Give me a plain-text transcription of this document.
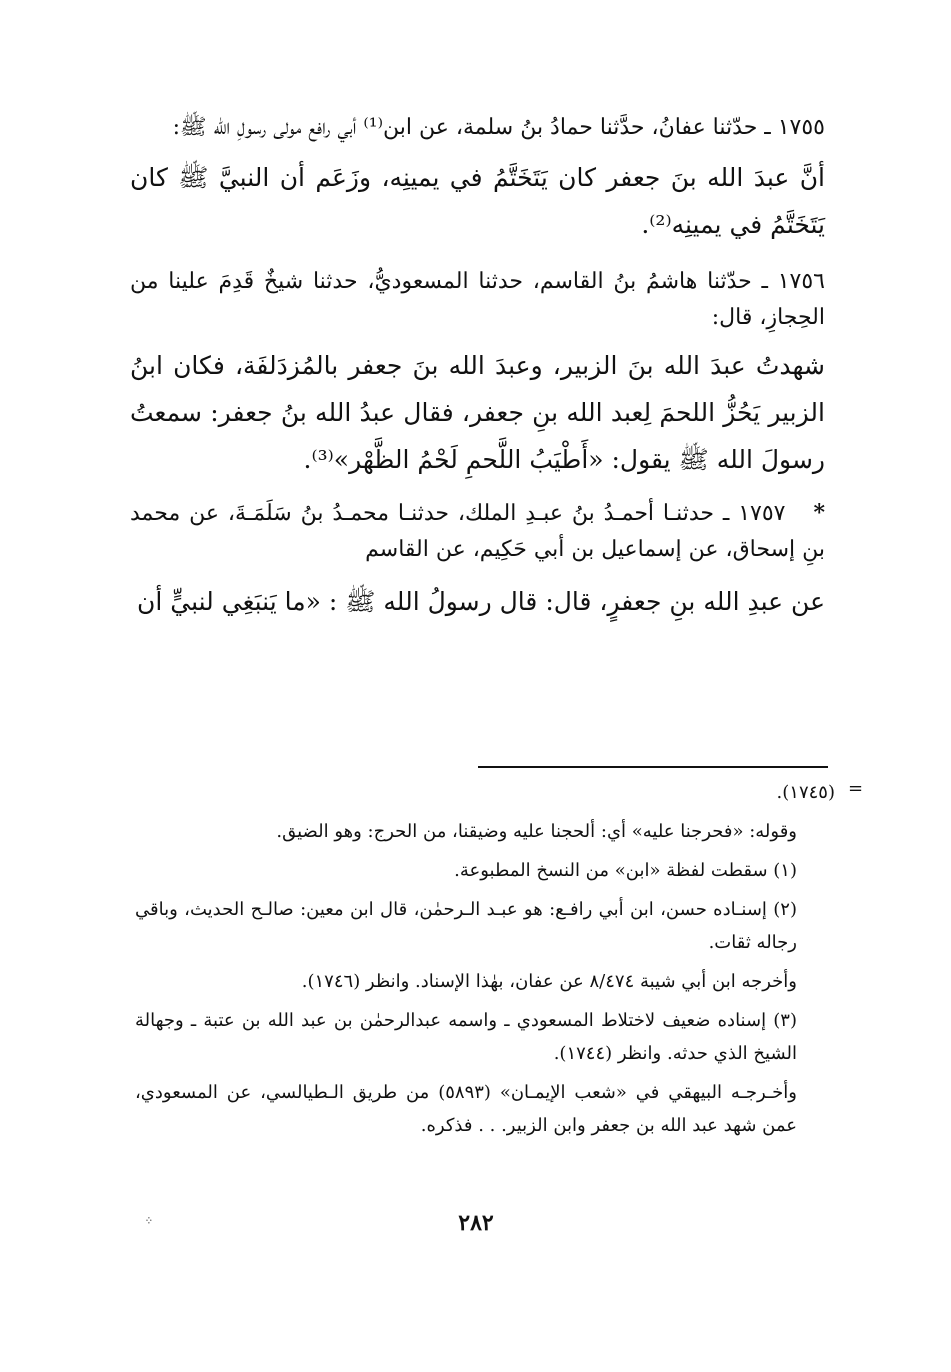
١٧٥٥ ـ حدّثنا عفانُ، حدَّثنا حمادُ بنُ سلمة، عن ابن⁽¹⁾ أبي رافع مولى رسولِ الله ﷺ:

أنَّ عبدَ الله بنَ جعفر كان يَتَخَتَّمُ في يمينِه، وزَعَم أن النبيَّ ﷺ كان يَتَخَتَّمُ في يمينِه⁽²⁾.

١٧٥٦ ـ حدّثنا هاشمُ بنُ القاسم، حدثنا المسعوديُّ، حدثنا شيخٌ قَدِمَ علينا من الحِجازِ، قال:

شهدتُ عبدَ الله بنَ الزبير، وعبدَ الله بنَ جعفر بالمُزدَلفَة، فكان ابنُ الزبير يَحُزُّ اللحمَ لِعبد الله بنِ جعفر، فقال عبدُ الله بنُ جعفر: سمعتُ رسولَ الله ﷺ يقول: «أَطْيَبُ اللَّحمِ لَحْمُ الظَّهْر»⁽³⁾.

*١٧٥٧ ـ حدثنـا أحمـدُ بنُ عبـدِ الملك، حدثنـا محمـدُ بنُ سَلَمَـةَ، عن محمد بنِ إسحاق، عن إسماعيل بن أبي حَكِيم، عن القاسم

عن عبدِ الله بنِ جعفرٍ، قال: قال رسولُ الله ﷺ : «ما يَنبَغِي لنبيٍّ أن

=

(١٧٤٥).

وقوله: «فحرجنا عليه» أي: ألحجنا عليه وضيقنا، من الحرج: وهو الضيق.

(١) سقطت لفظة «ابن» من النسخ المطبوعة.

(٢) إسنـاده حسن، ابن أبي رافـع: هو عبـد الـرحمٰن، قال ابن معين: صالـح الحديث، وباقي رجاله ثقات.

وأخرجه ابن أبي شيبة ٨/٤٧٤ عن عفان، بهٰذا الإسناد. وانظر (١٧٤٦).

(٣) إسناده ضعيف لاختلاط المسعودي ـ واسمه عبدالرحمٰن بن عبد الله بن عتبة ـ وجهالة الشيخ الذي حدثه. وانظر (١٧٤٤).

وأخـرجـه البيهقي في «شعب الإيمـان» (٥٨٩٣) من طريق الـطيالسي، عن المسعودي، عمن شهد عبد الله بن جعفر وابن الزبير. . . فذكره.

᠅	٢٨٢
